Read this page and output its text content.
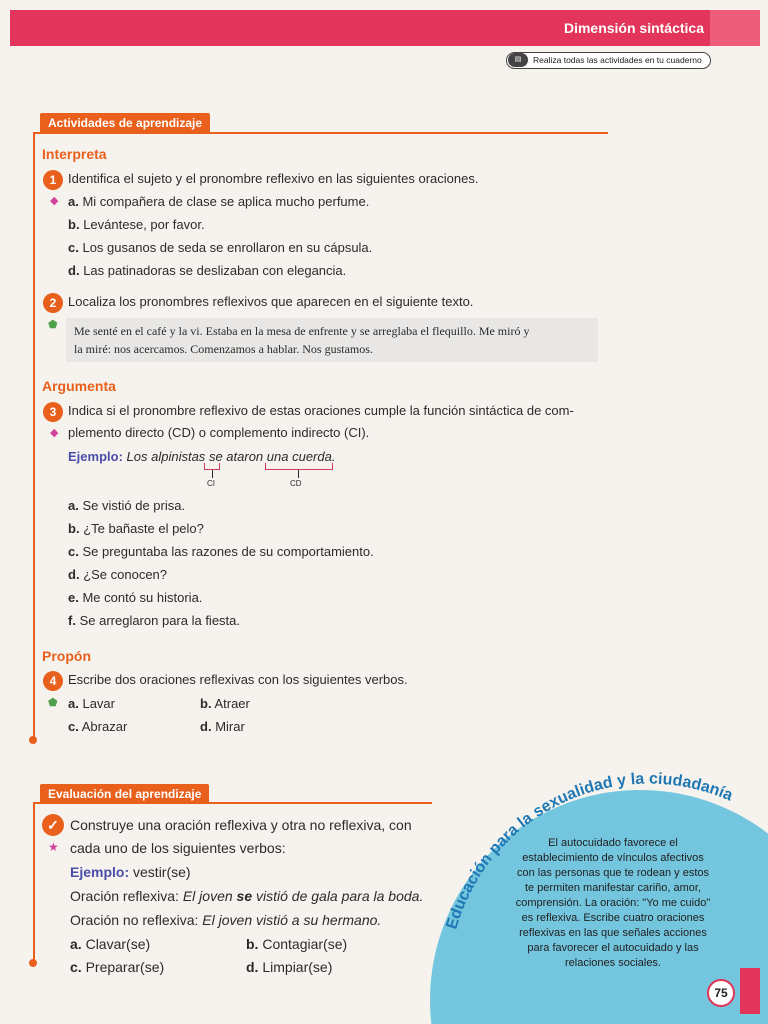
Dimensión sintáctica
▤	Realiza todas las actividades en tu cuaderno
Actividades de aprendizaje
Interpreta
1 Identifica el sujeto y el pronombre reflexivo en las siguientes oraciones.
◆ a. Mi compañera de clase se aplica mucho perfume.
b. Levántese, por favor.
c. Los gusanos de seda se enrollaron en su cápsula.
d. Las patinadoras se deslizaban con elegancia.
2 Localiza los pronombres reflexivos que aparecen en el siguiente texto.
⬟ Me senté en el café y la vi. Estaba en la mesa de enfrente y se arreglaba el flequillo. Me miró y
la miré: nos acercamos. Comenzamos a hablar. Nos gustamos.
Argumenta
3 Indica si el pronombre reflexivo de estas oraciones cumple la función sintáctica de com-
◆ plemento directo (CD) o complemento indirecto (CI).
Ejemplo: Los alpinistas se ataron una cuerda.
CI	CD
a. Se vistió de prisa.
b. ¿Te bañaste el pelo?
c. Se preguntaba las razones de su comportamiento.
d. ¿Se conocen?
e. Me contó su historia.
f. Se arreglaron para la fiesta.
Propón
4 Escribe dos oraciones reflexivas con los siguientes verbos.
⬟ a. Lavar	b. Atraer
c. Abrazar	d. Mirar
Evaluación del aprendizaje
✓ Construye una oración reflexiva y otra no reflexiva, con
★ cada uno de los siguientes verbos:
Ejemplo: vestir(se)
Oración reflexiva: El joven se vistió de gala para la boda.
Oración no reflexiva: El joven vistió a su hermano.
a. Clavar(se)	b. Contagiar(se)
c. Preparar(se)	d. Limpiar(se)
Educación para la sexualidad y la ciudadanía
El autocuidado favorece el establecimiento de vínculos afectivos con las personas que te rodean y estos te permiten manifestar cariño, amor, comprensión. La oración: "Yo me cuido" es reflexiva. Escribe cuatro oraciones reflexivas en las que señales acciones para favorecer el autocuidado y las relaciones sociales.
75
